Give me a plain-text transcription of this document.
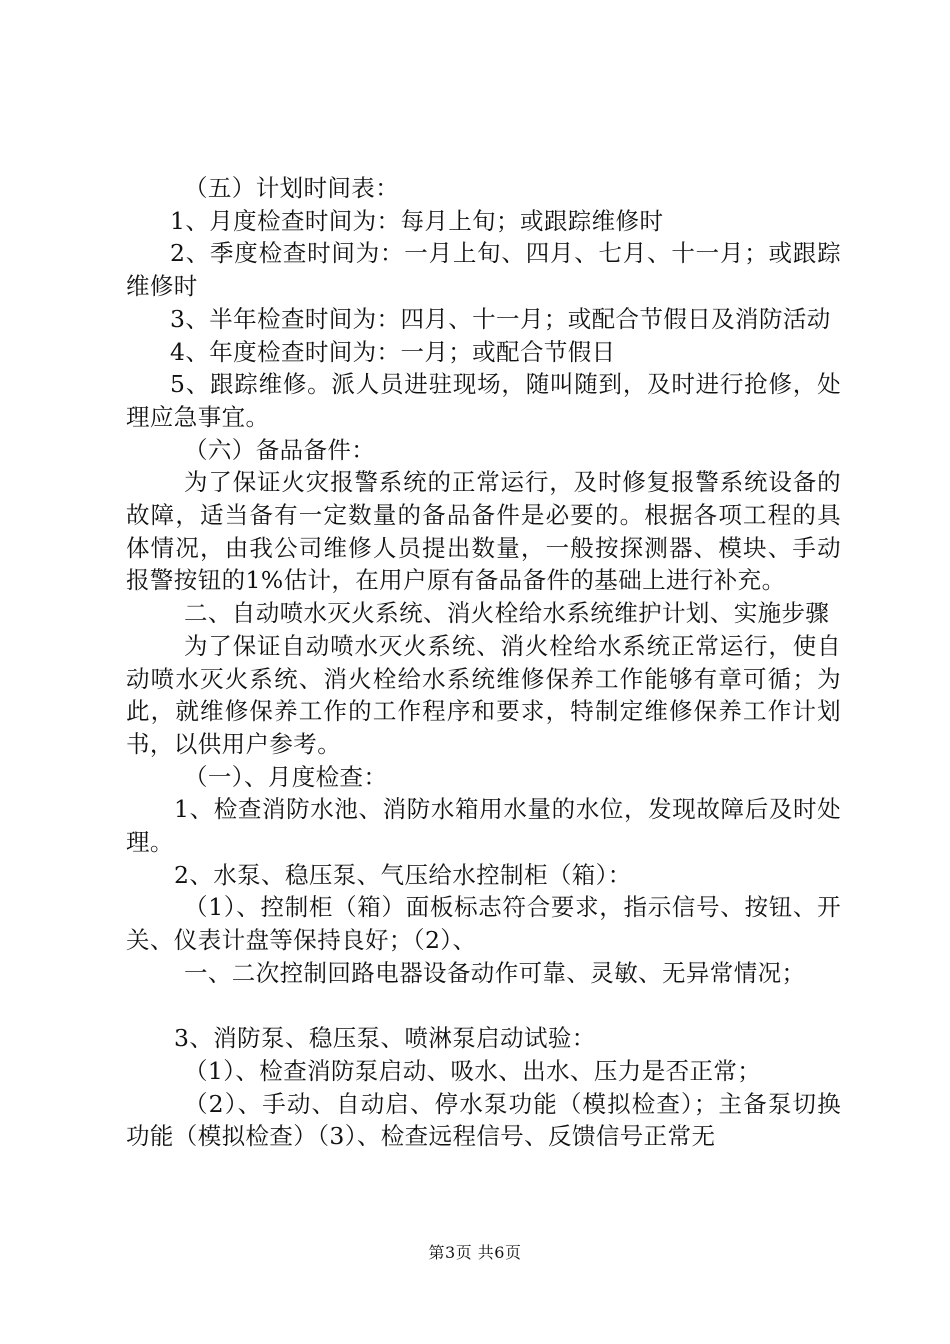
（五）计划时间表：

1、月度检查时间为：每月上旬；或跟踪维修时

2、季度检查时间为：一月上旬、四月、七月、十一月；或跟踪维修时

3、半年检查时间为：四月、十一月；或配合节假日及消防活动

4、年度检查时间为：一月；或配合节假日

5、跟踪维修。派人员进驻现场，随叫随到，及时进行抢修，处理应急事宜。

（六）备品备件：

为了保证火灾报警系统的正常运行，及时修复报警系统设备的故障，适当备有一定数量的备品备件是必要的。根据各项工程的具体情况，由我公司维修人员提出数量，一般按探测器、模块、手动报警按钮的1%估计，在用户原有备品备件的基础上进行补充。

二、自动喷水灭火系统、消火栓给水系统维护计划、实施步骤

为了保证自动喷水灭火系统、消火栓给水系统正常运行，使自动喷水灭火系统、消火栓给水系统维修保养工作能够有章可循；为此，就维修保养工作的工作程序和要求，特制定维修保养工作计划书，以供用户参考。

（一）、月度检查：

1、检查消防水池、消防水箱用水量的水位，发现故障后及时处理。

2、水泵、稳压泵、气压给水控制柜（箱）：

（1）、控制柜（箱）面板标志符合要求，指示信号、按钮、开关、仪表计盘等保持良好；（2）、

一、二次控制回路电器设备动作可靠、灵敏、无异常情况；

3、消防泵、稳压泵、喷淋泵启动试验：

（1）、检查消防泵启动、吸水、出水、压力是否正常；

（2）、手动、自动启、停水泵功能（模拟检查）；主备泵切换功能（模拟检查）（3）、检查远程信号、反馈信号正常无

第3页 共6页
